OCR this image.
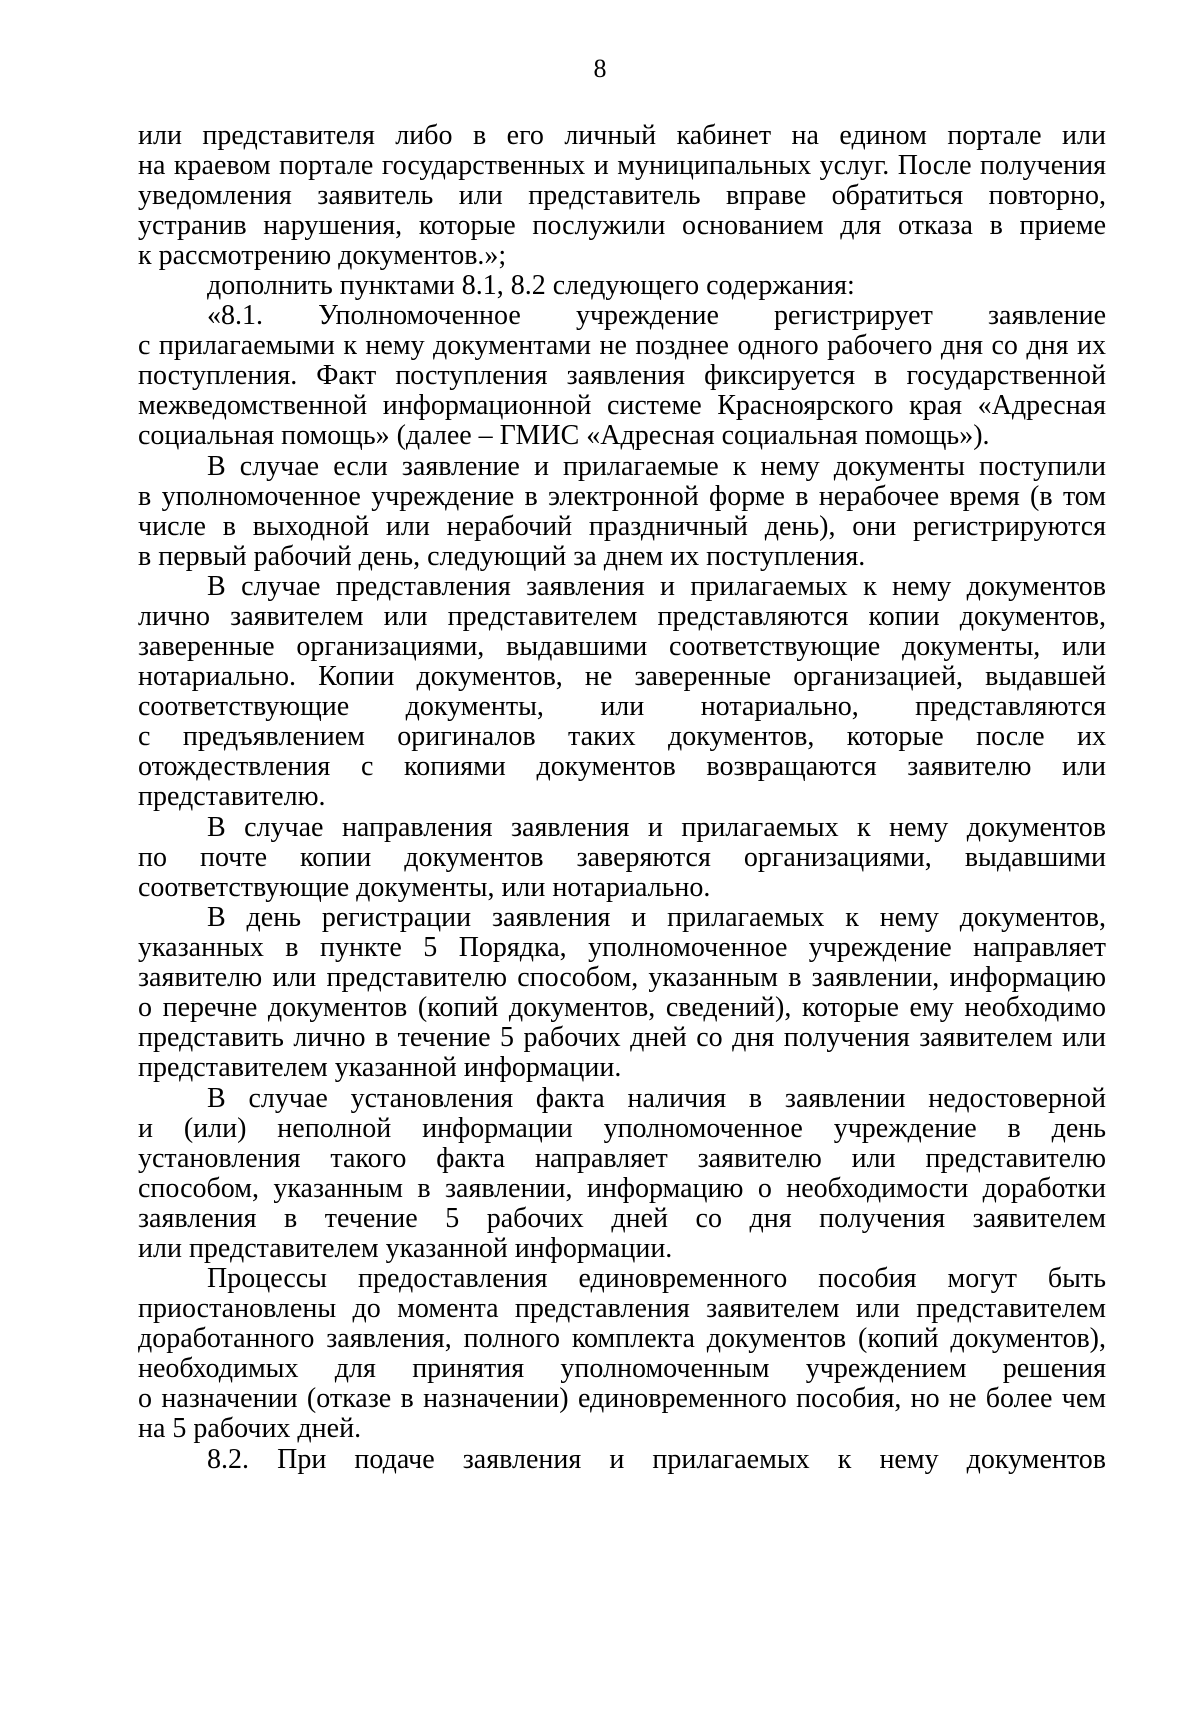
8
или представителя либо в его личный кабинет на едином портале или
на краевом портале государственных и муниципальных услуг. После получения
уведомления заявитель или представитель вправе обратиться повторно,
устранив нарушения, которые послужили основанием для отказа в приеме
к рассмотрению документов.»;
дополнить пунктами 8.1, 8.2 следующего содержания:
«8.1. Уполномоченное учреждение регистрирует заявление
с прилагаемыми к нему документами не позднее одного рабочего дня со дня их
поступления. Факт поступления заявления фиксируется в государственной
межведомственной информационной системе Красноярского края «Адресная
социальная помощь» (далее – ГМИС «Адресная социальная помощь»).
В случае если заявление и прилагаемые к нему документы поступили
в уполномоченное учреждение в электронной форме в нерабочее время (в том
числе в выходной или нерабочий праздничный день), они регистрируются
в первый рабочий день, следующий за днем их поступления.
В случае представления заявления и прилагаемых к нему документов
лично заявителем или представителем представляются копии документов,
заверенные организациями, выдавшими соответствующие документы, или
нотариально. Копии документов, не заверенные организацией, выдавшей
соответствующие документы, или нотариально, представляются
с предъявлением оригиналов таких документов, которые после их
отождествления с копиями документов возвращаются заявителю или
представителю.
В случае направления заявления и прилагаемых к нему документов
по почте копии документов заверяются организациями, выдавшими
соответствующие документы, или нотариально.
В день регистрации заявления и прилагаемых к нему документов,
указанных в пункте 5 Порядка, уполномоченное учреждение направляет
заявителю или представителю способом, указанным в заявлении, информацию
о перечне документов (копий документов, сведений), которые ему необходимо
представить лично в течение 5 рабочих дней со дня получения заявителем или
представителем указанной информации.
В случае установления факта наличия в заявлении недостоверной
и (или) неполной информации уполномоченное учреждение в день
установления такого факта направляет заявителю или представителю
способом, указанным в заявлении, информацию о необходимости доработки
заявления в течение 5 рабочих дней со дня получения заявителем
или представителем указанной информации.
Процессы предоставления единовременного пособия могут быть
приостановлены до момента представления заявителем или представителем
доработанного заявления, полного комплекта документов (копий документов),
необходимых для принятия уполномоченным учреждением решения
о назначении (отказе в назначении) единовременного пособия, но не более чем
на 5 рабочих дней.
8.2. При подаче заявления и прилагаемых к нему документов
